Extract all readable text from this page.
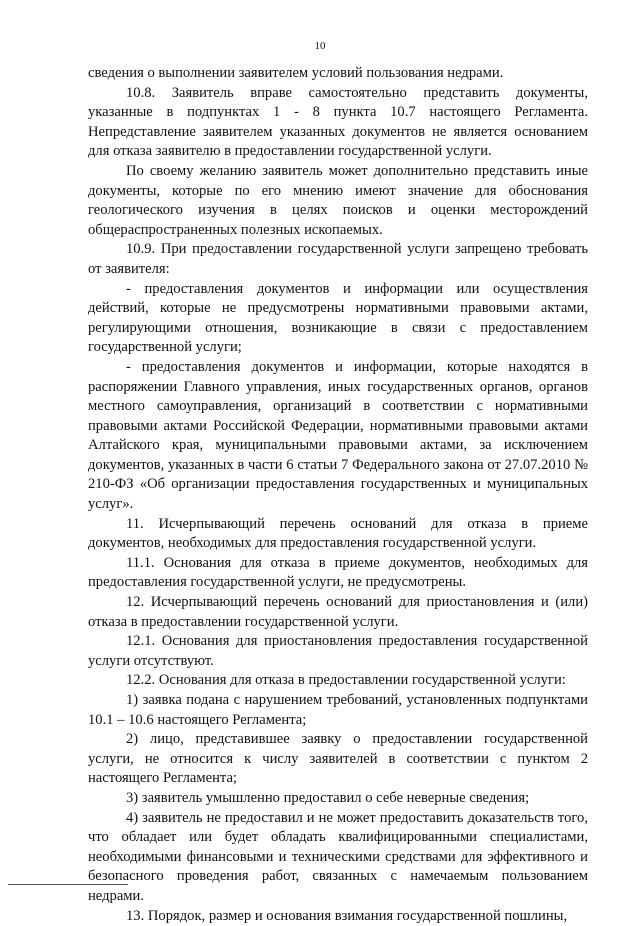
10

сведения о выполнении заявителем условий пользования недрами.

10.8. Заявитель вправе самостоятельно представить документы, указанные в подпунктах 1 - 8 пункта 10.7 настоящего Регламента. Непредставление заявителем указанных документов не является основанием для отказа заявителю в предоставлении государственной услуги.

По своему желанию заявитель может дополнительно представить иные документы, которые по его мнению имеют значение для обоснования геологического изучения в целях поисков и оценки месторождений общераспространенных полезных ископаемых.

10.9. При предоставлении государственной услуги запрещено требовать от заявителя:

- предоставления документов и информации или осуществления действий, которые не предусмотрены нормативными правовыми актами, регулирующими отношения, возникающие в связи с предоставлением государственной услуги;

- предоставления документов и информации, которые находятся в распоряжении Главного управления, иных государственных органов, органов местного самоуправления, организаций в соответствии с нормативными правовыми актами Российской Федерации, нормативными правовыми актами Алтайского края, муниципальными правовыми актами, за исключением документов, указанных в части 6 статьи 7 Федерального закона от 27.07.2010 № 210-ФЗ «Об организации предоставления государственных и муниципальных услуг».

11. Исчерпывающий перечень оснований для отказа в приеме документов, необходимых для предоставления государственной услуги.

11.1. Основания для отказа в приеме документов, необходимых для предоставления государственной услуги, не предусмотрены.

12. Исчерпывающий перечень оснований для приостановления и (или) отказа в предоставлении государственной услуги.

12.1. Основания для приостановления предоставления государственной услуги отсутствуют.

12.2. Основания для отказа в предоставлении государственной услуги:

1) заявка подана с нарушением требований, установленных подпунктами 10.1 – 10.6 настоящего Регламента;

2) лицо, представившее заявку о предоставлении государственной услуги, не относится к числу заявителей в соответствии с пунктом 2 настоящего Регламента;

3) заявитель умышленно предоставил о себе неверные сведения;

4) заявитель не предоставил и не может предоставить доказательств того, что обладает или будет обладать квалифицированными специалистами, необходимыми финансовыми и техническими средствами для эффективного и безопасного проведения работ, связанных с намечаемым пользованием недрами.

13. Порядок, размер и основания взимания государственной пошлины,
